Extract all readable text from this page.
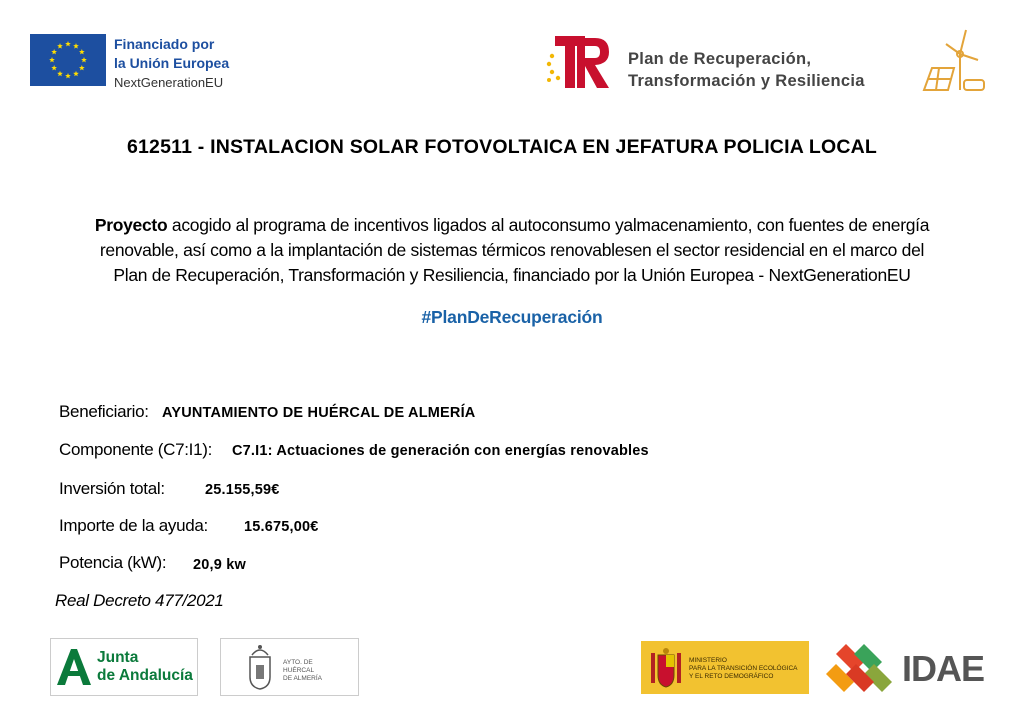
Financiado por
la Unión Europea
NextGenerationEU
Plan de Recuperación,
Transformación y Resiliencia
612511 - INSTALACION SOLAR FOTOVOLTAICA EN JEFATURA POLICIA LOCAL
Proyecto acogido al programa de incentivos ligados al autoconsumo yalmacenamiento, con fuentes de energía
renovable, así como a la implantación de sistemas térmicos renovablesen el sector residencial en el marco del
Plan de Recuperación, Transformación y Resiliencia, financiado por la Unión Europea - NextGenerationEU
#PlanDeRecuperación
Beneficiario: AYUNTAMIENTO DE HUÉRCAL DE ALMERÍA
Componente (C7:I1): C7.I1: Actuaciones de generación con energías renovables
Inversión total:	25.155,59€
Importe de la ayuda: 15.675,00€
Potencia (kW): 20,9 kw
Real Decreto 477/2021
Junta
de Andalucía
AYTO. DE
HUÉRCAL
DE ALMERÍA
MINISTERIO
PARA LA TRANSICIÓN ECOLÓGICA
Y EL RETO DEMOGRÁFICO	IDAE
